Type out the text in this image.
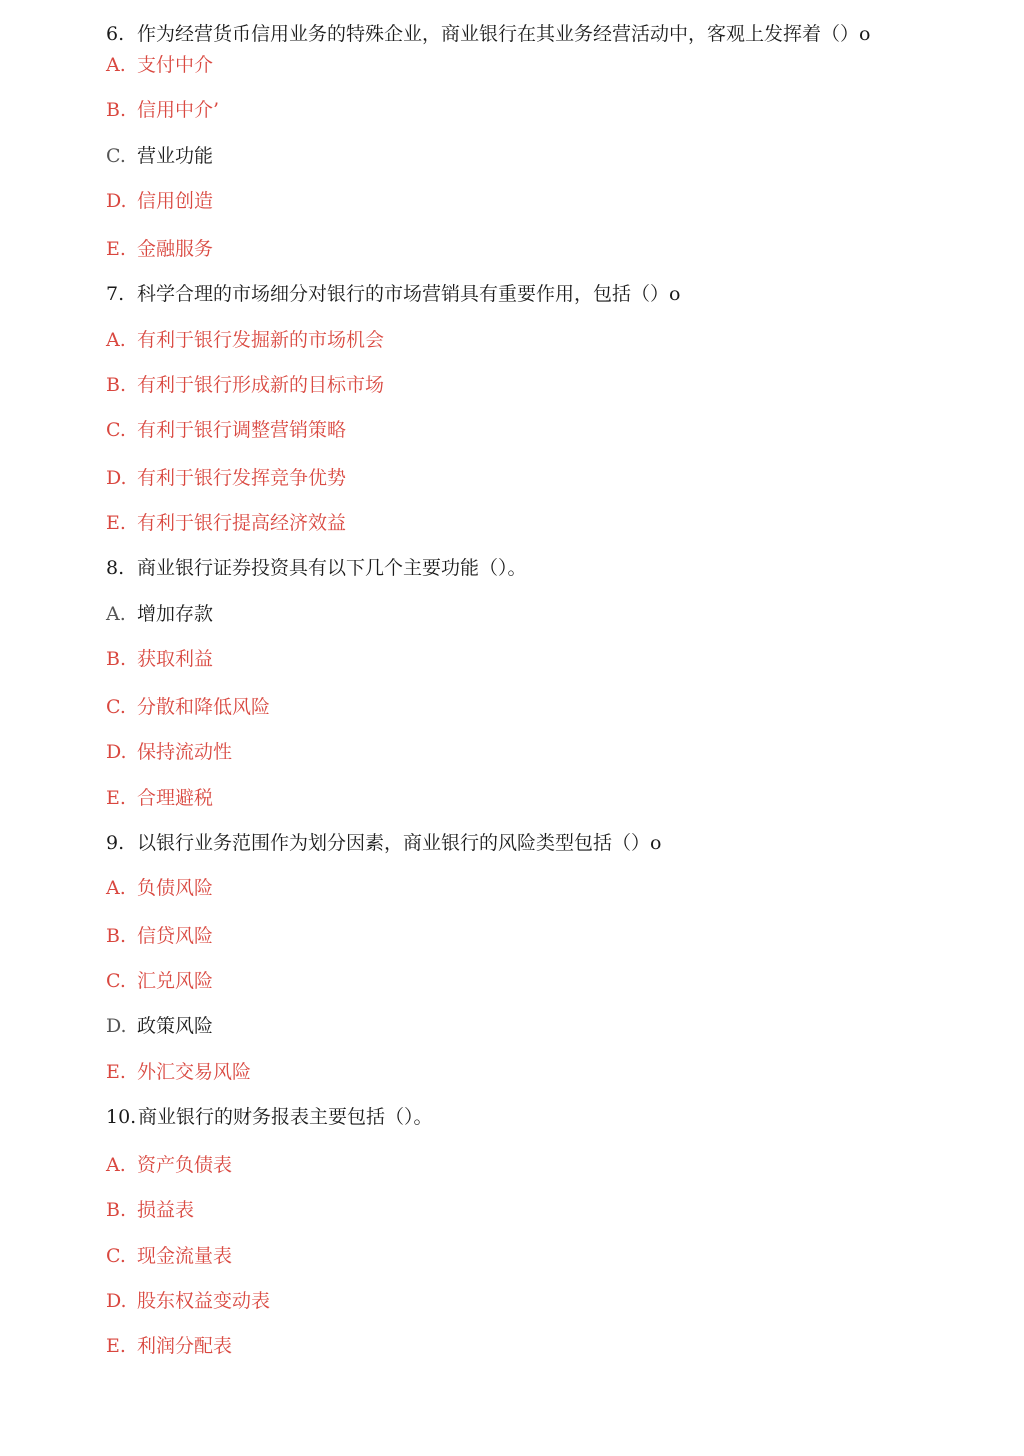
6. 作为经营货币信用业务的特殊企业，商业银行在其业务经营活动中，客观上发挥着（）o
A. 支付中介
B. 信用中介’
C. 营业功能
D. 信用创造
E. 金融服务
7. 科学合理的市场细分对银行的市场营销具有重要作用，包括（）o
A. 有利于银行发掘新的市场机会
B. 有利于银行形成新的目标市场
C. 有利于银行调整营销策略
D. 有利于银行发挥竞争优势
E. 有利于银行提高经济效益
8. 商业银行证券投资具有以下几个主要功能（）。
A. 增加存款
B. 获取利益
C. 分散和降低风险
D. 保持流动性
E. 合理避税
9. 以银行业务范围作为划分因素，商业银行的风险类型包括（）o
A. 负债风险
B. 信贷风险
C. 汇兑风险
D. 政策风险
E. 外汇交易风险
10.商业银行的财务报表主要包括（）。
A. 资产负债表
B. 损益表
C. 现金流量表
D. 股东权益变动表
E. 利润分配表
